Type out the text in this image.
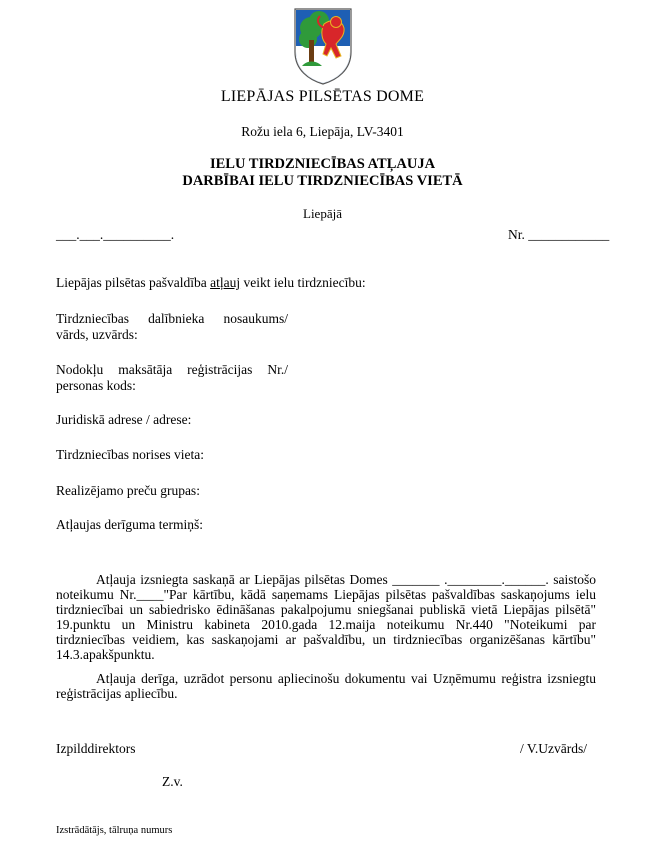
LIEPĀJAS PILSĒTAS DOME
Rožu iela 6, Liepāja, LV-3401
IELU TIRDZNIECĪBAS ATĻAUJA
DARBĪBAI IELU TIRDZNIECĪBAS VIETĀ
Liepājā
___.___.__________.	Nr. ____________
Liepājas pilsētas pašvaldība atļauj veikt ielu tirdzniecību:
Tirdzniecības dalībnieka nosaukums/ vārds, uzvārds:
Nodokļu maksātāja reģistrācijas Nr./ personas kods:
Juridiskā adrese / adrese:
Tirdzniecības norises vieta:
Realizējamo preču grupas:
Atļaujas derīguma termiņš:
Atļauja izsniegta saskaņā ar Liepājas pilsētas Domes _______ .________.______. saistošo noteikumu Nr.____"Par kārtību, kādā saņemams Liepājas pilsētas pašvaldības saskaņojums ielu tirdzniecībai un sabiedrisko ēdināšanas pakalpojumu sniegšanai publiskā vietā Liepājas pilsētā" 19.punktu un Ministru kabineta 2010.gada 12.maija noteikumu Nr.440 "Noteikumi par tirdzniecības veidiem, kas saskaņojami ar pašvaldību, un tirdzniecības organizēšanas kārtību" 14.3.apakšpunktu.
Atļauja derīga, uzrādot personu apliecinošu dokumentu vai Uzņēmumu reģistra izsniegtu reģistrācijas apliecību.
Izpilddirektors	/ V.Uzvārds/
Z.v.
Izstrādātājs, tālruņa numurs
